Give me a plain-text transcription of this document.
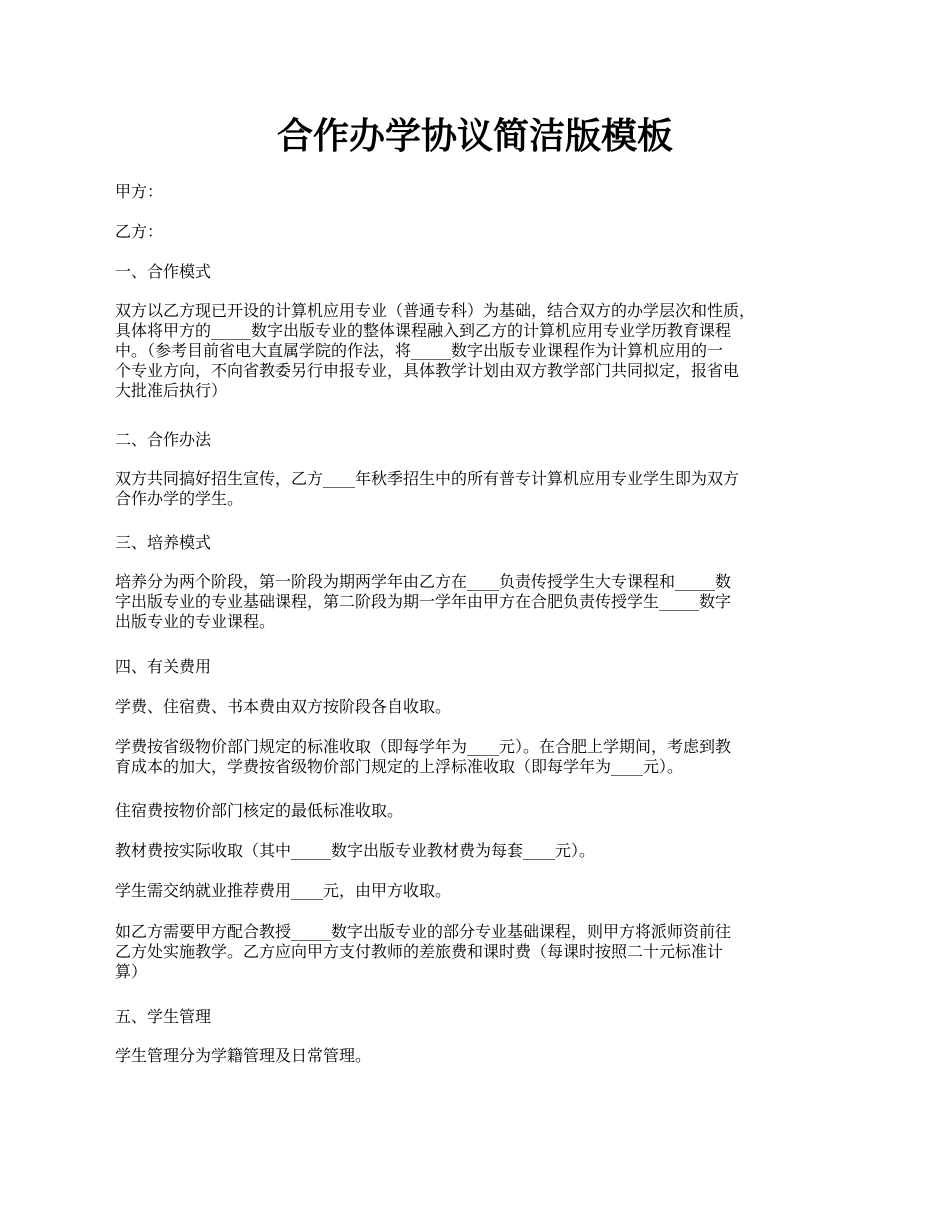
合作办学协议简洁版模板

甲方：

乙方：

一、合作模式

双方以乙方现已开设的计算机应用专业（普通专科）为基础，结合双方的办学层次和性质，
具体将甲方的_____数字出版专业的整体课程融入到乙方的计算机应用专业学历教育课程
中。（参考目前省电大直属学院的作法，将_____数字出版专业课程作为计算机应用的一
个专业方向，不向省教委另行申报专业，具体教学计划由双方教学部门共同拟定，报省电
大批准后执行）

二、合作办法

双方共同搞好招生宣传，乙方____年秋季招生中的所有普专计算机应用专业学生即为双方
合作办学的学生。

三、培养模式

培养分为两个阶段，第一阶段为期两学年由乙方在____负责传授学生大专课程和_____数
字出版专业的专业基础课程，第二阶段为期一学年由甲方在合肥负责传授学生_____数字
出版专业的专业课程。

四、有关费用

学费、住宿费、书本费由双方按阶段各自收取。

学费按省级物价部门规定的标准收取（即每学年为____元）。在合肥上学期间，考虑到教
育成本的加大，学费按省级物价部门规定的上浮标准收取（即每学年为____元）。

住宿费按物价部门核定的最低标准收取。

教材费按实际收取（其中_____数字出版专业教材费为每套____元）。

学生需交纳就业推荐费用____元，由甲方收取。

如乙方需要甲方配合教授_____数字出版专业的部分专业基础课程，则甲方将派师资前往
乙方处实施教学。乙方应向甲方支付教师的差旅费和课时费（每课时按照二十元标准计
算）

五、学生管理

学生管理分为学籍管理及日常管理。
